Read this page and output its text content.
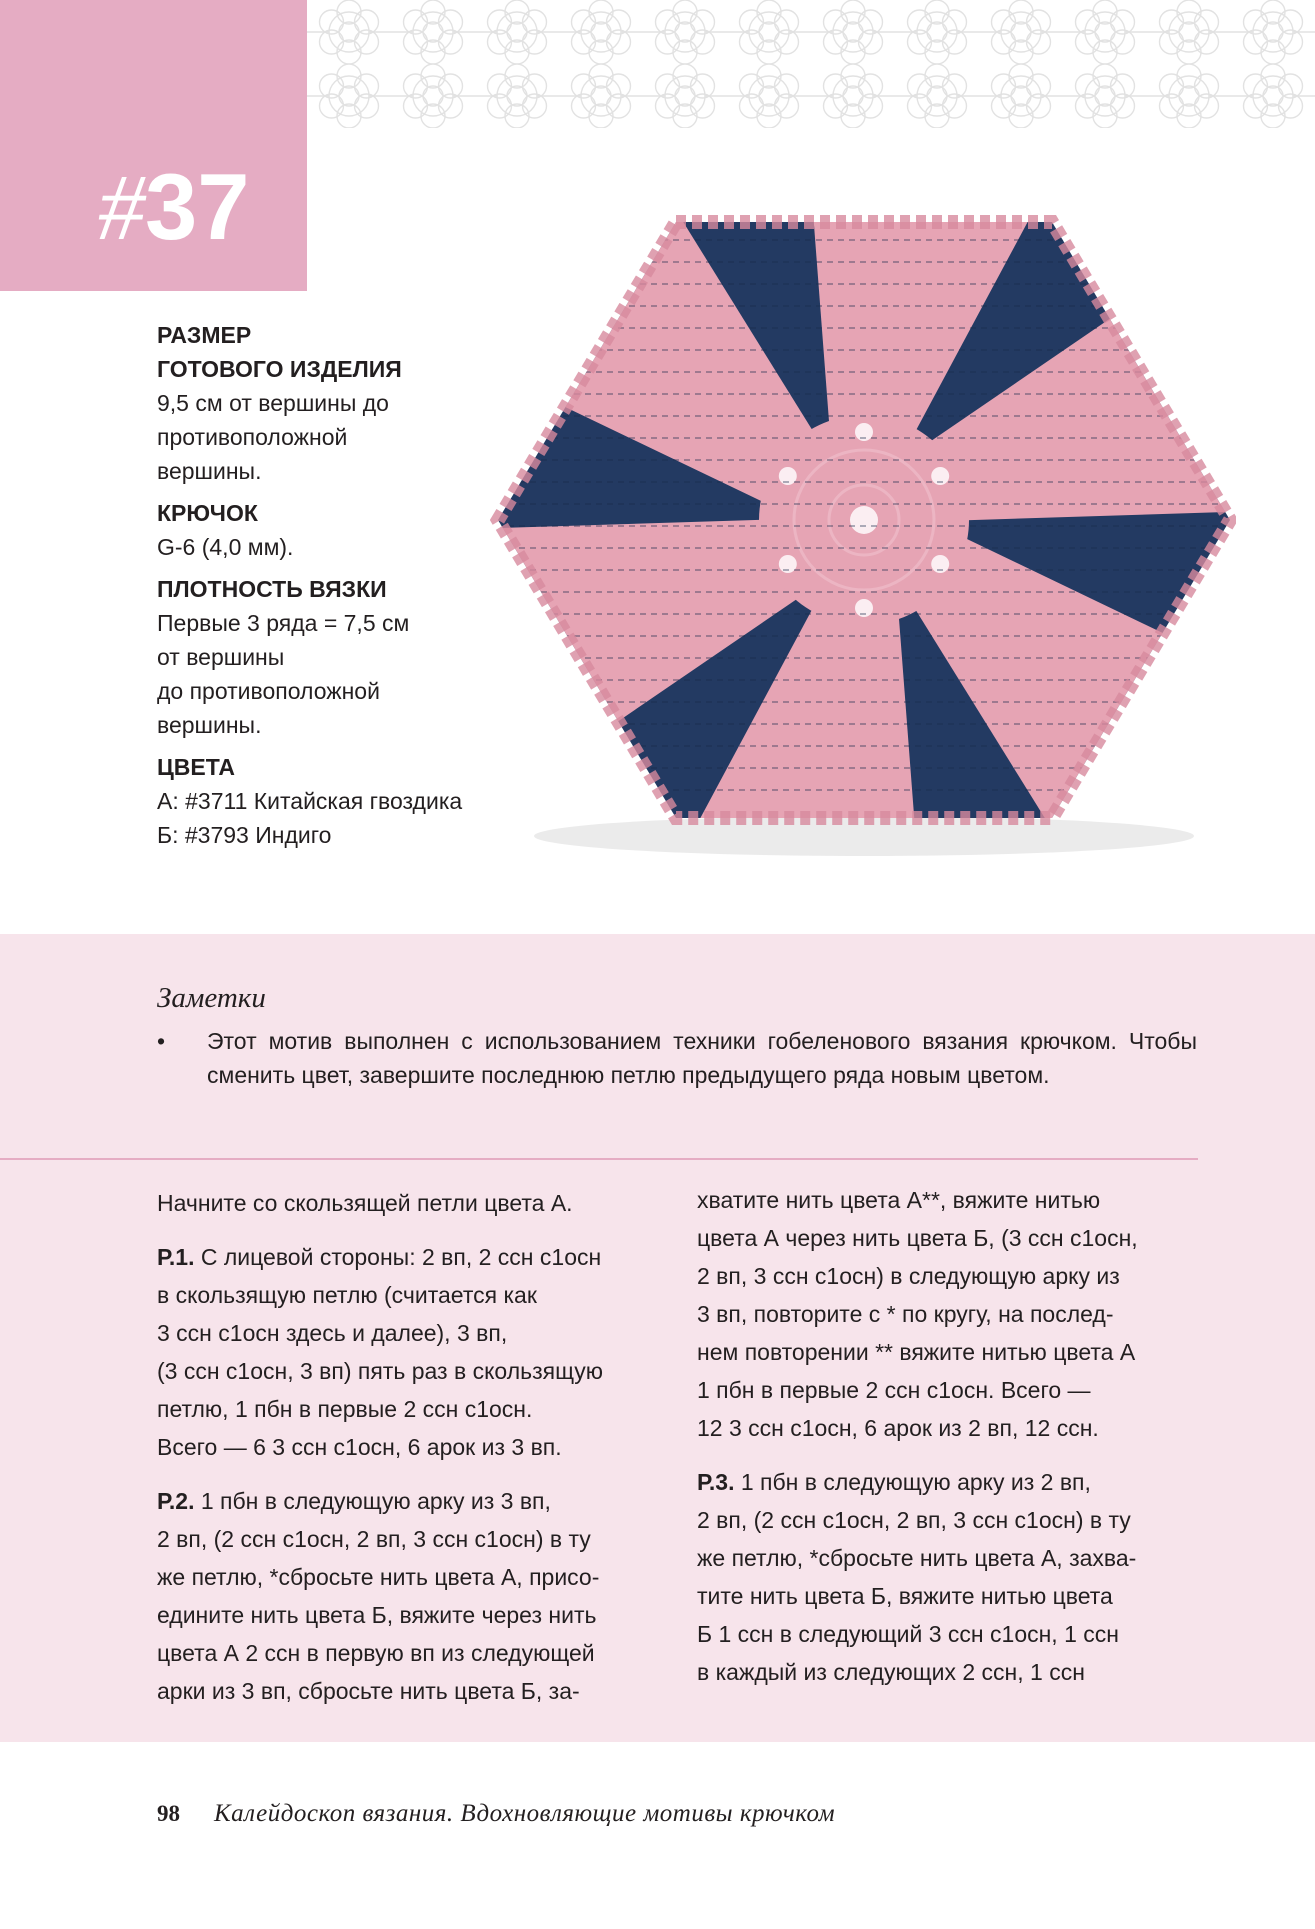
#37

РАЗМЕР
ГОТОВОГО ИЗДЕЛИЯ

9,5 см от вершины до
противоположной
вершины.

КРЮЧОК

G-6 (4,0 мм).

ПЛОТНОСТЬ ВЯЗКИ

Первые 3 ряда = 7,5 см
от вершины
до противоположной
вершины.

ЦВЕТА

А: #3711 Китайская гвоздика
Б: #3793 Индиго

Заметки
• Этот мотив выполнен с использованием техники гобеленового вязания крючком. Чтобы сменить цвет, завершите последнюю петлю предыдущего ряда новым цветом.

Начните со скользящей петли цвета А.

Р.1. С лицевой стороны: 2 вп, 2 ссн с1осн
в скользящую петлю (считается как
3 ссн с1осн здесь и далее), 3 вп,
(3 ссн с1осн, 3 вп) пять раз в скользящую
петлю, 1 пбн в первые 2 ссн с1осн.
Всего — 6 3 ссн с1осн, 6 арок из 3 вп.

Р.2. 1 пбн в следующую арку из 3 вп,
2 вп, (2 ссн с1осн, 2 вп, 3 ссн с1осн) в ту
же петлю, *сбросьте нить цвета А, присо-
едините нить цвета Б, вяжите через нить
цвета А 2 ссн в первую вп из следующей
арки из 3 вп, сбросьте нить цвета Б, за-

хватите нить цвета А**, вяжите нитью
цвета А через нить цвета Б, (3 ссн с1осн,
2 вп, 3 ссн с1осн) в следующую арку из
3 вп, повторите с * по кругу, на послед-
нем повторении ** вяжите нитью цвета А
1 пбн в первые 2 ссн с1осн. Всего —
12 3 ссн с1осн, 6 арок из 2 вп, 12 ссн.

Р.3. 1 пбн в следующую арку из 2 вп,
2 вп, (2 ссн с1осн, 2 вп, 3 ссн с1осн) в ту
же петлю, *сбросьте нить цвета А, захва-
тите нить цвета Б, вяжите нитью цвета
Б 1 ссн в следующий 3 ссн с1осн, 1 ссн
в каждый из следующих 2 ссн, 1 ссн

98 Калейдоскоп вязания. Вдохновляющие мотивы крючком
